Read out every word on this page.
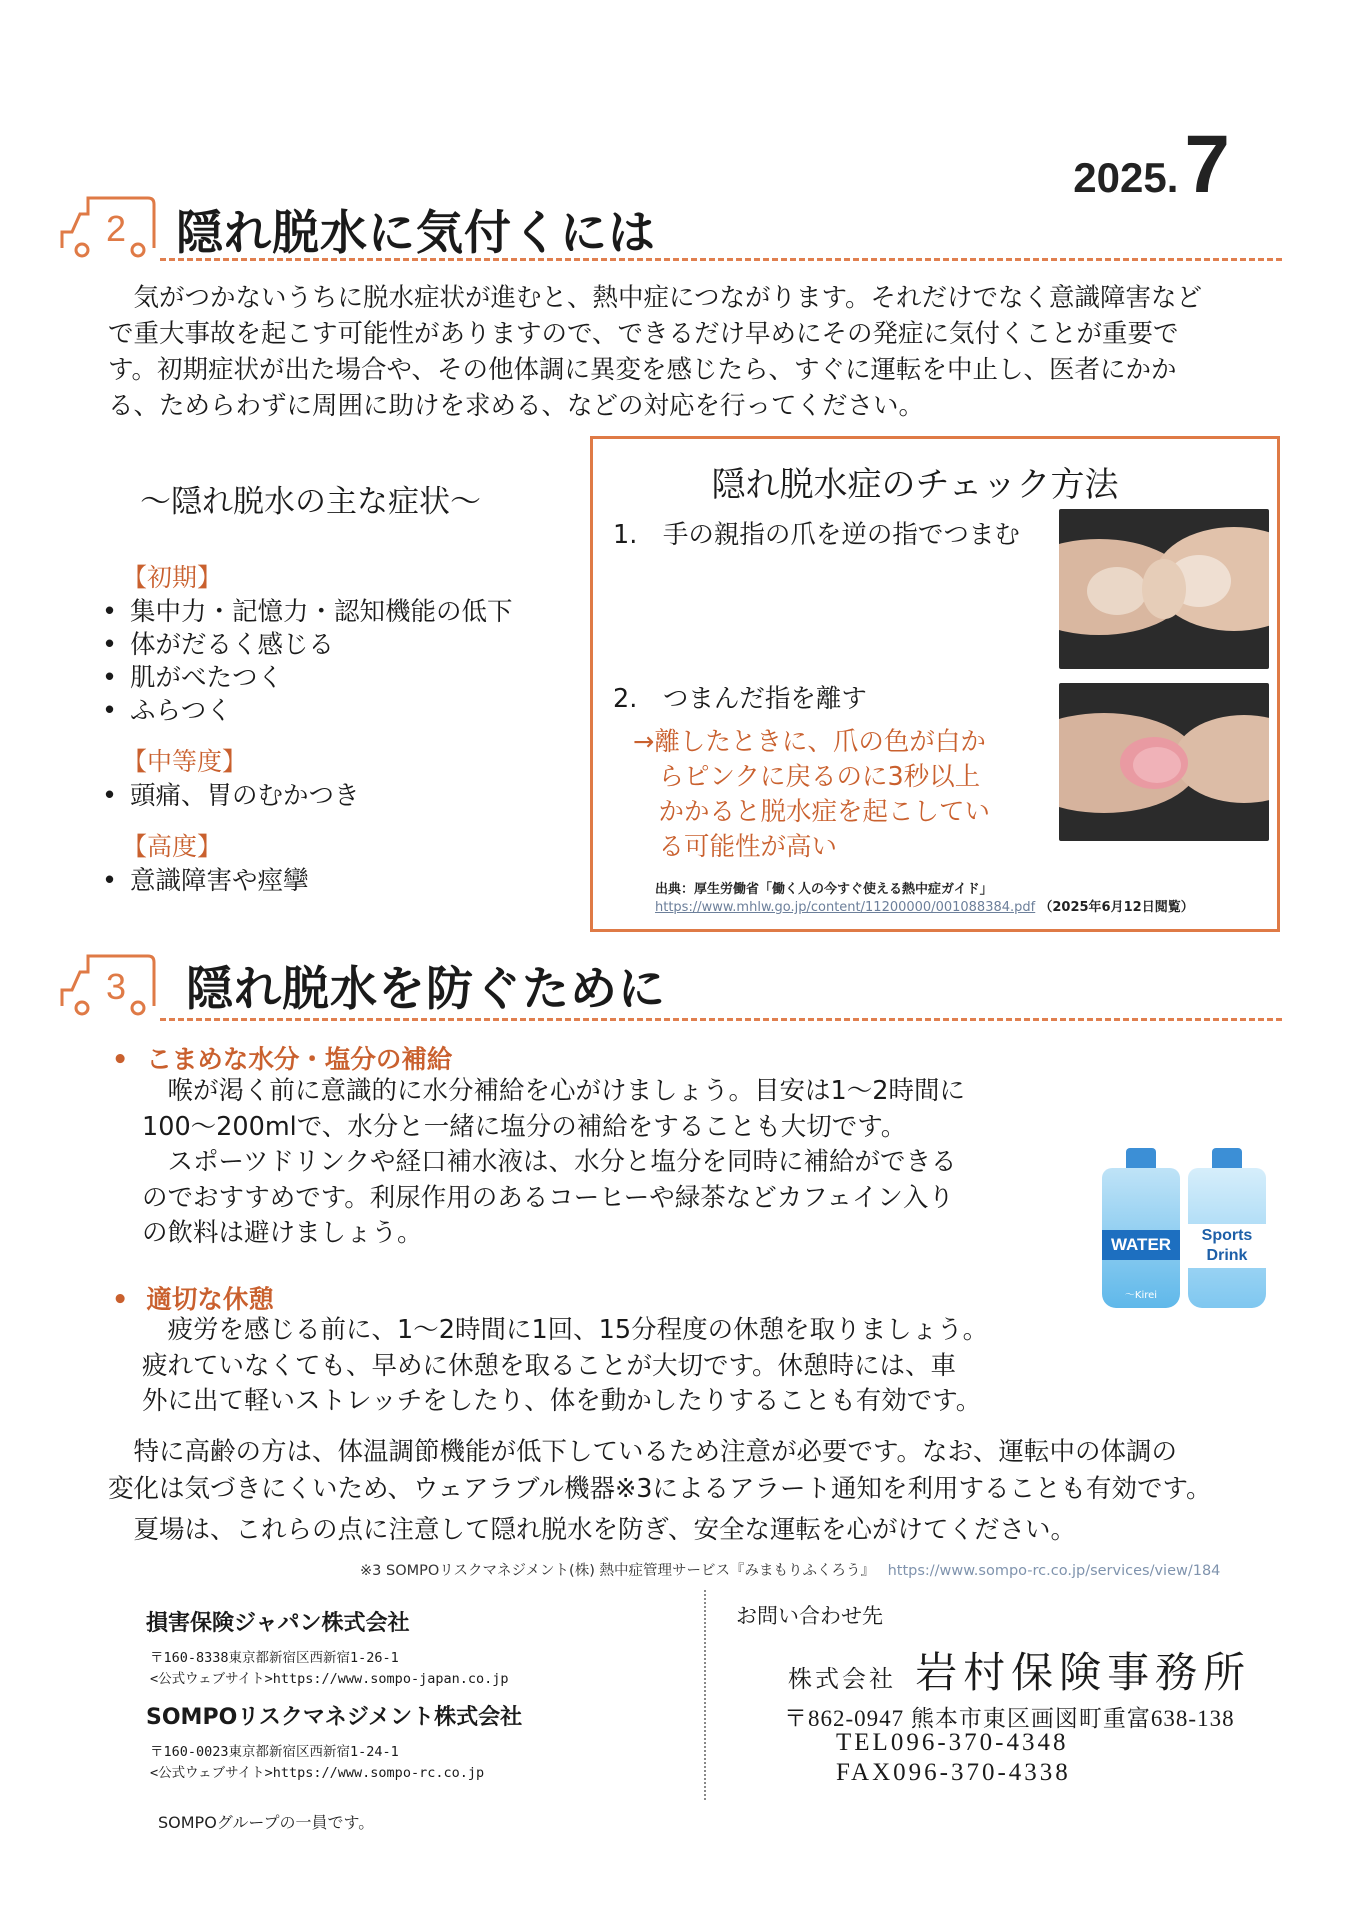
2025.7
2 隠れ脱水に気付くには
　気がつかないうちに脱水症状が進むと、熱中症につながります。それだけでなく意識障害など
で重大事故を起こす可能性がありますので、できるだけ早めにその発症に気付くことが重要で
す。初期症状が出た場合や、その他体調に異変を感じたら、すぐに運転を中止し、医者にかか
る、ためらわずに周囲に助けを求める、などの対応を行ってください。
～隠れ脱水の主な症状～
【初期】
• 集中力・記憶力・認知機能の低下
• 体がだるく感じる
• 肌がべたつく
• ふらつく
【中等度】
• 頭痛、胃のむかつき
【高度】
• 意識障害や痙攣
隠れ脱水症のチェック方法
1.　手の親指の爪を逆の指でつまむ
2.　つまんだ指を離す
→離したときに、爪の色が白か
　らピンクに戻るのに3秒以上
　かかると脱水症を起こしてい
　る可能性が高い
出典：厚生労働省「働く人の今すぐ使える熱中症ガイド」
https://www.mhlw.go.jp/content/11200000/001088384.pdf （2025年6月12日閲覧）
3 隠れ脱水を防ぐために
• こまめな水分・塩分の補給
　喉が渇く前に意識的に水分補給を心がけましょう。目安は1～2時間に
100～200mlで、水分と一緒に塩分の補給をすることも大切です。
　スポーツドリンクや経口補水液は、水分と塩分を同時に補給ができる
のでおすすめです。利尿作用のあるコーヒーや緑茶などカフェイン入り
の飲料は避けましょう。	WATER
～Kirei
Sports
Drink
• 適切な休憩
　疲労を感じる前に、1～2時間に1回、15分程度の休憩を取りましょう。
疲れていなくても、早めに休憩を取ることが大切です。休憩時には、車
外に出て軽いストレッチをしたり、体を動かしたりすることも有効です。
　特に高齢の方は、体温調節機能が低下しているため注意が必要です。なお、運転中の体調の
変化は気づきにくいため、ウェアラブル機器※3によるアラート通知を利用することも有効です。
　夏場は、これらの点に注意して隠れ脱水を防ぎ、安全な運転を心がけてください。
※3 SOMPOリスクマネジメント(株) 熱中症管理サービス『みまもりふくろう』 https://www.sompo-rc.co.jp/services/view/184
損害保険ジャパン株式会社
〒160-8338東京都新宿区西新宿1-26-1
<公式ウェブサイト>https://www.sompo-japan.co.jp
SOMPOリスクマネジメント株式会社
〒160-0023東京都新宿区西新宿1-24-1
<公式ウェブサイト>https://www.sompo-rc.co.jp
SOMPOグループの一員です。
お問い合わせ先
株式会社 岩村保険事務所
〒862-0947 熊本市東区画図町重富638-138
TEL096-370-4348
FAX096-370-4338
